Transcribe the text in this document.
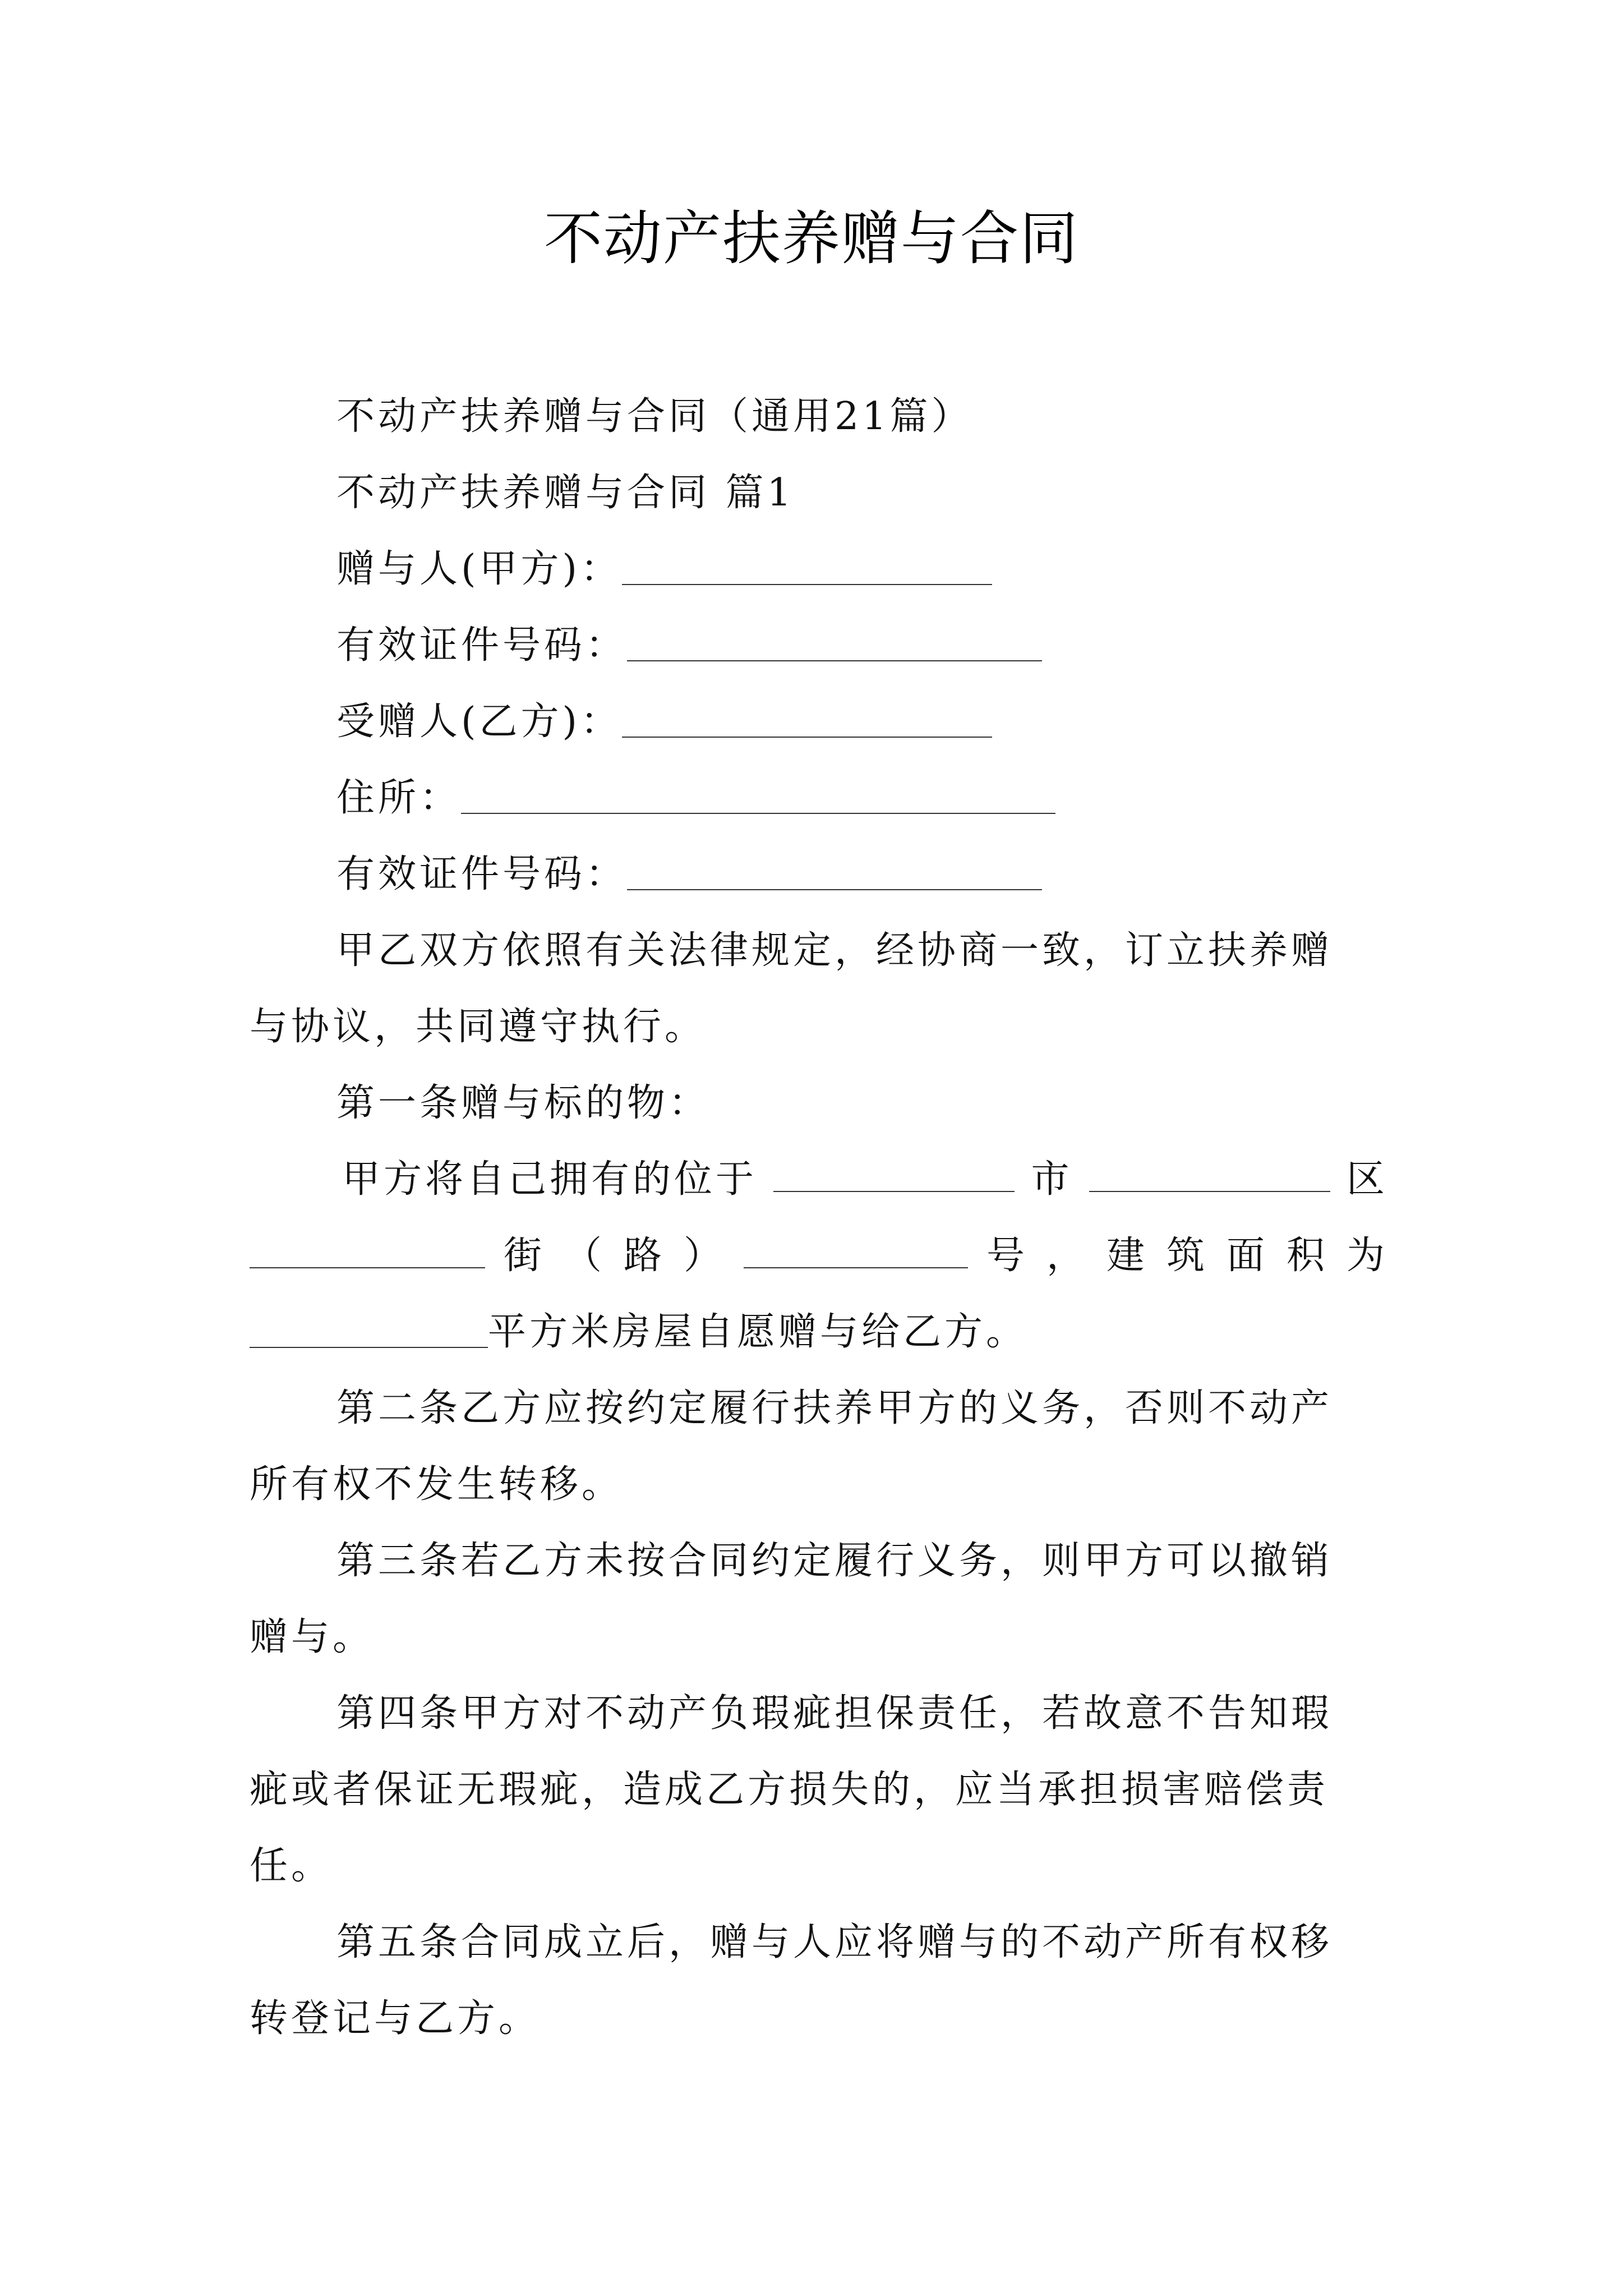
不动产扶养赠与合同
不动产扶养赠与合同（通用21篇）
不动产扶养赠与合同 篇1
赠与人(甲方)：
有效证件号码：
受赠人(乙方)：
住所：
有效证件号码：
甲乙双方依照有关法律规定，经协商一致，订立扶养赠
与协议，共同遵守执行。
第一条赠与标的物：
甲方将自己拥有的位于	市	区
街 （ 路 ）	号 ， 建 筑 面 积 为
平方米房屋自愿赠与给乙方。
第二条乙方应按约定履行扶养甲方的义务，否则不动产
所有权不发生转移。
第三条若乙方未按合同约定履行义务，则甲方可以撤销
赠与。
第四条甲方对不动产负瑕疵担保责任，若故意不告知瑕
疵或者保证无瑕疵，造成乙方损失的，应当承担损害赔偿责
任。
第五条合同成立后，赠与人应将赠与的不动产所有权移
转登记与乙方。
